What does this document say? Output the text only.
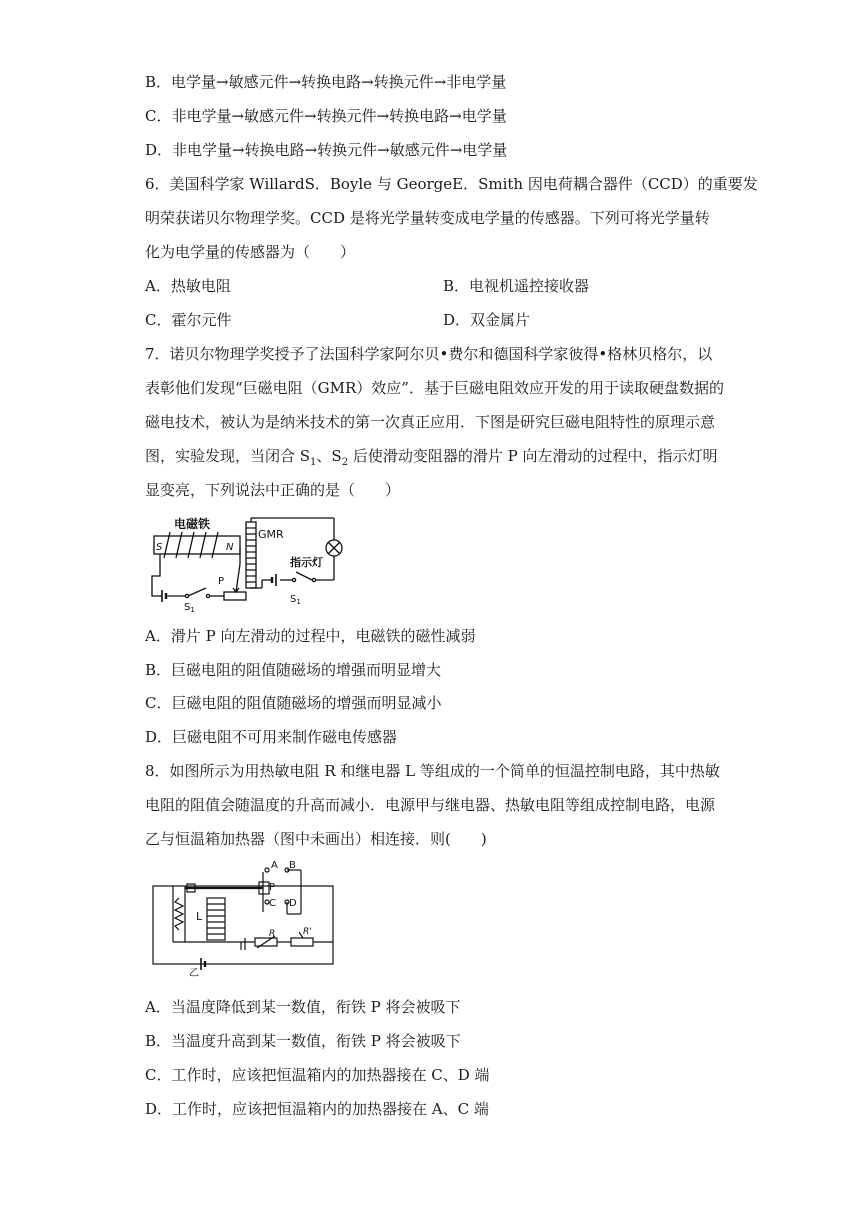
B．电学量→敏感元件→转换电路→转换元件→非电学量
C．非电学量→敏感元件→转换元件→转换电路→电学量
D．非电学量→转换电路→转换元件→敏感元件→电学量
6．美国科学家 WillardS．Boyle 与 GeorgeE．Smith 因电荷耦合器件（CCD）的重要发
明荣获诺贝尔物理学奖。CCD 是将光学量转变成电学量的传感器。下列可将光学量转
化为电学量的传感器为（　　）
A．热敏电阻	B．电视机遥控接收器
C．霍尔元件	D．双金属片
7．诺贝尔物理学奖授予了法国科学家阿尔贝•费尔和德国科学家彼得•格林贝格尔，以
表彰他们发现“巨磁电阻（GMR）效应”．基于巨磁电阻效应开发的用于读取硬盘数据的
磁电技术，被认为是纳米技术的第一次真正应用．下图是研究巨磁电阻特性的原理示意
图，实验发现，当闭合 $S_1$、$S_2$ 后使滑动变阻器的滑片 P 向左滑动的过程中，指示灯明
显变亮，下列说法中正确的是（　　）
电磁铁
S	N
GMR
指示灯
P
$S_1$
$S_1$
A．滑片 P 向左滑动的过程中，电磁铁的磁性减弱
B．巨磁电阻的阻值随磁场的增强而明显增大
C．巨磁电阻的阻值随磁场的增强而明显减小
D．巨磁电阻不可用来制作磁电传感器
8．如图所示为用热敏电阻 R 和继电器 L 等组成的一个简单的恒温控制电路，其中热敏
电阻的阻值会随温度的升高而减小．电源甲与继电器、热敏电阻等组成控制电路，电源
乙与恒温箱加热器（图中未画出）相连接．则(　　)
A B
P
C D
L
R	R'
乙
A．当温度降低到某一数值，衔铁 P 将会被吸下
B．当温度升高到某一数值，衔铁 P 将会被吸下
C．工作时，应该把恒温箱内的加热器接在 C、D 端
D．工作时，应该把恒温箱内的加热器接在 A、C 端
